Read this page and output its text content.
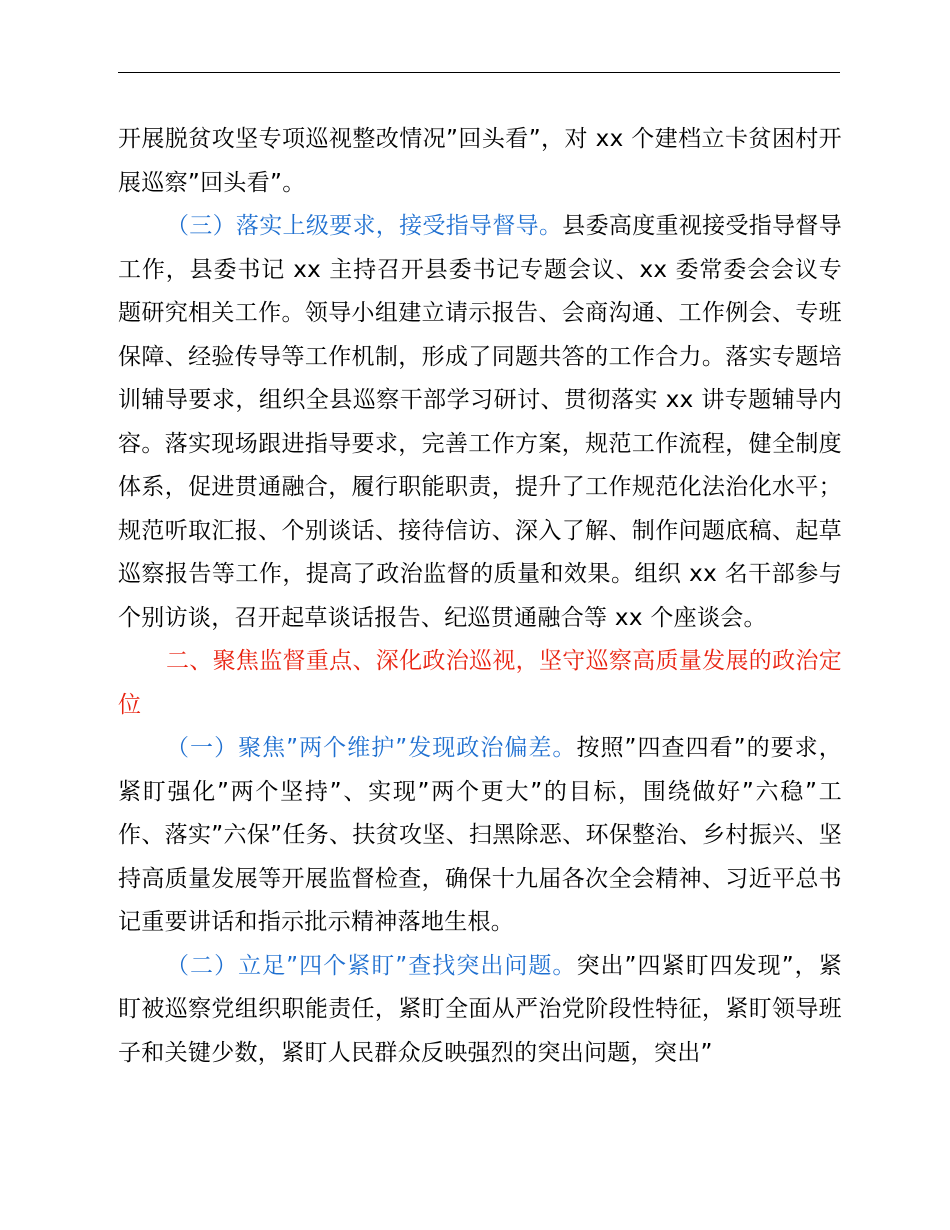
开展脱贫攻坚专项巡视整改情况”回头看”，对 xx 个建档立卡贫困村开展巡察”回头看”。

（三）落实上级要求，接受指导督导。县委高度重视接受指导督导工作，县委书记 xx 主持召开县委书记专题会议、xx 委常委会会议专题研究相关工作。领导小组建立请示报告、会商沟通、工作例会、专班保障、经验传导等工作机制，形成了同题共答的工作合力。落实专题培训辅导要求，组织全县巡察干部学习研讨、贯彻落实 xx 讲专题辅导内容。落实现场跟进指导要求，完善工作方案，规范工作流程，健全制度体系，促进贯通融合，履行职能职责，提升了工作规范化法治化水平；规范听取汇报、个别谈话、接待信访、深入了解、制作问题底稿、起草巡察报告等工作，提高了政治监督的质量和效果。组织 xx 名干部参与个别访谈，召开起草谈话报告、纪巡贯通融合等 xx 个座谈会。

二、聚焦监督重点、深化政治巡视，坚守巡察高质量发展的政治定位

（一）聚焦”两个维护”发现政治偏差。按照”四查四看”的要求，紧盯强化”两个坚持”、实现”两个更大”的目标，围绕做好”六稳”工作、落实”六保”任务、扶贫攻坚、扫黑除恶、环保整治、乡村振兴、坚持高质量发展等开展监督检查，确保十九届各次全会精神、习近平总书记重要讲话和指示批示精神落地生根。

（二）立足”四个紧盯”查找突出问题。突出”四紧盯四发现”，紧盯被巡察党组织职能责任，紧盯全面从严治党阶段性特征，紧盯领导班子和关键少数，紧盯人民群众反映强烈的突出问题，突出”
